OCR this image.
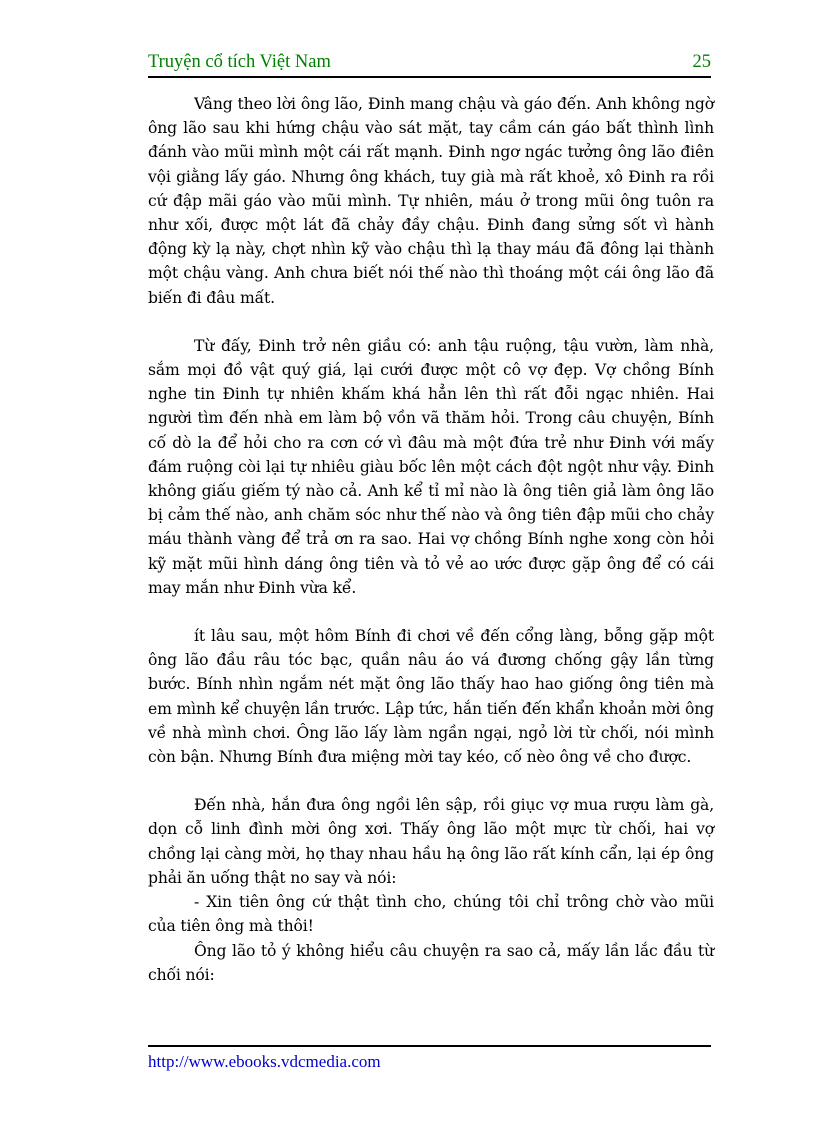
Truyện cổ tích Việt Nam	25

Vâng theo lời ông lão, Đinh mang chậu và gáo đến. Anh không ngờ ông lão sau khi hứng chậu vào sát mặt, tay cầm cán gáo bất thình lình đánh vào mũi mình một cái rất mạnh. Đinh ngơ ngác tưởng ông lão điên vội giằng lấy gáo. Nhưng ông khách, tuy già mà rất khoẻ, xô Đinh ra rồi cứ đập mãi gáo vào mũi mình. Tự nhiên, máu ở trong mũi ông tuôn ra như xối, được một lát đã chảy đầy chậu. Đinh đang sửng sốt vì hành động kỳ lạ này, chợt nhìn kỹ vào chậu thì lạ thay máu đã đông lại thành một chậu vàng. Anh chưa biết nói thế nào thì thoáng một cái ông lão đã biến đi đâu mất.

Từ đấy, Đinh trở nên giầu có: anh tậu ruộng, tậu vườn, làm nhà, sắm mọi đồ vật quý giá, lại cưới được một cô vợ đẹp. Vợ chồng Bính nghe tin Đinh tự nhiên khấm khá hẳn lên thì rất đỗi ngạc nhiên. Hai người tìm đến nhà em làm bộ vồn vã thăm hỏi. Trong câu chuyện, Bính cố dò la để hỏi cho ra cơn cớ vì đâu mà một đứa trẻ như Đinh với mấy đám ruộng còi lại tự nhiêu giàu bốc lên một cách đột ngột như vậy. Đinh không giấu giếm tý nào cả. Anh kể tỉ mỉ nào là ông tiên giả làm ông lão bị cảm thế nào, anh chăm sóc như thế nào và ông tiên đập mũi cho chảy máu thành vàng để trả ơn ra sao. Hai vợ chồng Bính nghe xong còn hỏi kỹ mặt mũi hình dáng ông tiên và tỏ vẻ ao ước được gặp ông để có cái may mắn như Đinh vừa kể.

ít lâu sau, một hôm Bính đi chơi về đến cổng làng, bỗng gặp một ông lão đầu râu tóc bạc, quần nâu áo vá đương chống gậy lần từng bước. Bính nhìn ngắm nét mặt ông lão thấy hao hao giống ông tiên mà em mình kể chuyện lần trước. Lập tức, hắn tiến đến khẩn khoản mời ông về nhà mình chơi. Ông lão lấy làm ngần ngại, ngỏ lời từ chối, nói mình còn bận. Nhưng Bính đưa miệng mời tay kéo, cố nèo ông về cho được.

Đến nhà, hắn đưa ông ngồi lên sập, rồi giục vợ mua rượu làm gà, dọn cỗ linh đình mời ông xơi. Thấy ông lão một mực từ chối, hai vợ chồng lại càng mời, họ thay nhau hầu hạ ông lão rất kính cẩn, lại ép ông phải ăn uống thật no say và nói:

- Xin tiên ông cứ thật tình cho, chúng tôi chỉ trông chờ vào mũi của tiên ông mà thôi!

Ông lão tỏ ý không hiểu câu chuyện ra sao cả, mấy lần lắc đầu từ chối nói:

http://www.ebooks.vdcmedia.com
